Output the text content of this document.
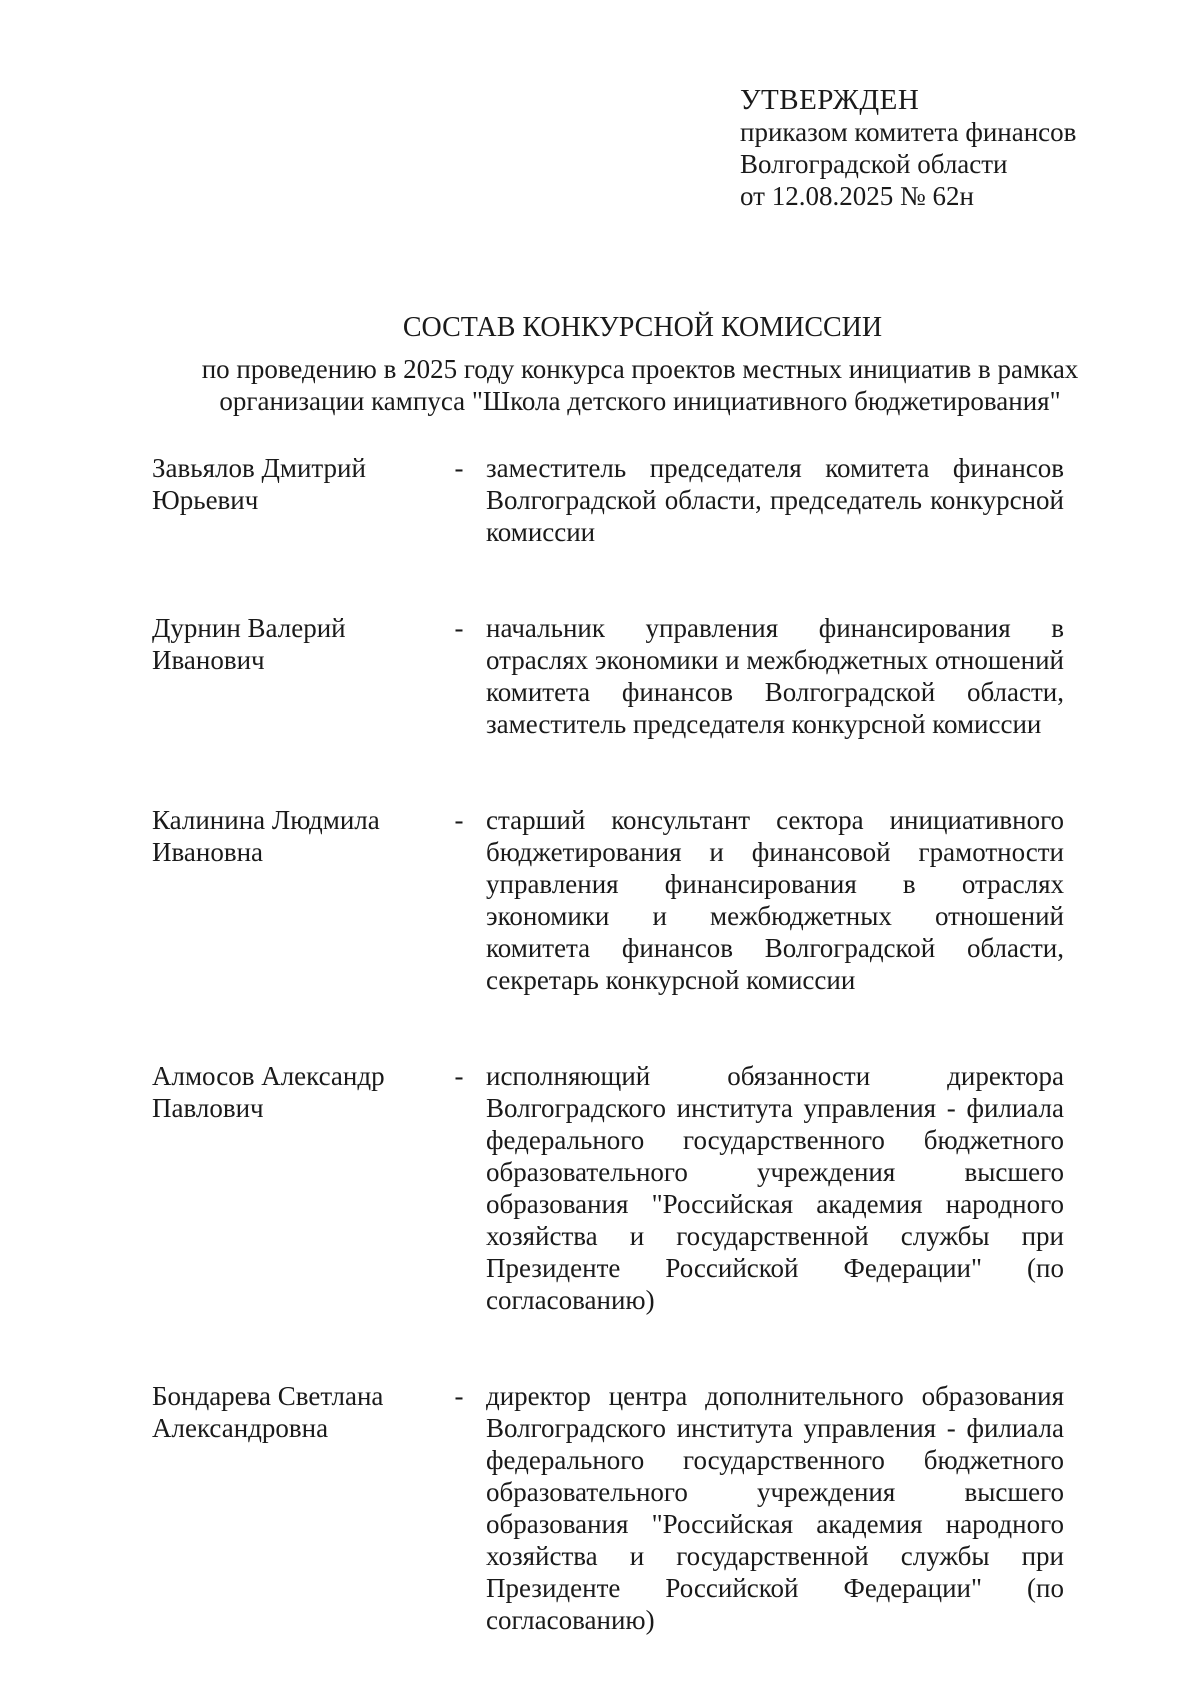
УТВЕРЖДЕН
приказом комитета финансов
Волгоградской области
от 12.08.2025 № 62н
СОСТАВ КОНКУРСНОЙ КОМИССИИ
по проведению в 2025 году конкурса проектов местных инициатив в рамках организации кампуса "Школа детского инициативного бюджетирования"
Завьялов Дмитрий Юрьевич
- заместитель председателя комитета финансов Волгоградской области, председатель конкурсной комиссии
Дурнин Валерий Иванович
- начальник управления финансирования в отраслях экономики и межбюджетных отношений комитета финансов Волгоградской области, заместитель председателя конкурсной комиссии
Калинина Людмила Ивановна
- старший консультант сектора инициативного бюджетирования и финансовой грамотности управления финансирования в отраслях экономики и межбюджетных отношений комитета финансов Волгоградской области, секретарь конкурсной комиссии
Алмосов Александр Павлович
- исполняющий обязанности директора Волгоградского института управления - филиала федерального государственного бюджетного образовательного учреждения высшего образования "Российская академия народного хозяйства и государственной службы при Президенте Российской Федерации" (по согласованию)
Бондарева Светлана Александровна
- директор центра дополнительного образования Волгоградского института управления - филиала федерального государственного бюджетного образовательного учреждения высшего образования "Российская академия народного хозяйства и государственной службы при Президенте Российской Федерации" (по согласованию)
